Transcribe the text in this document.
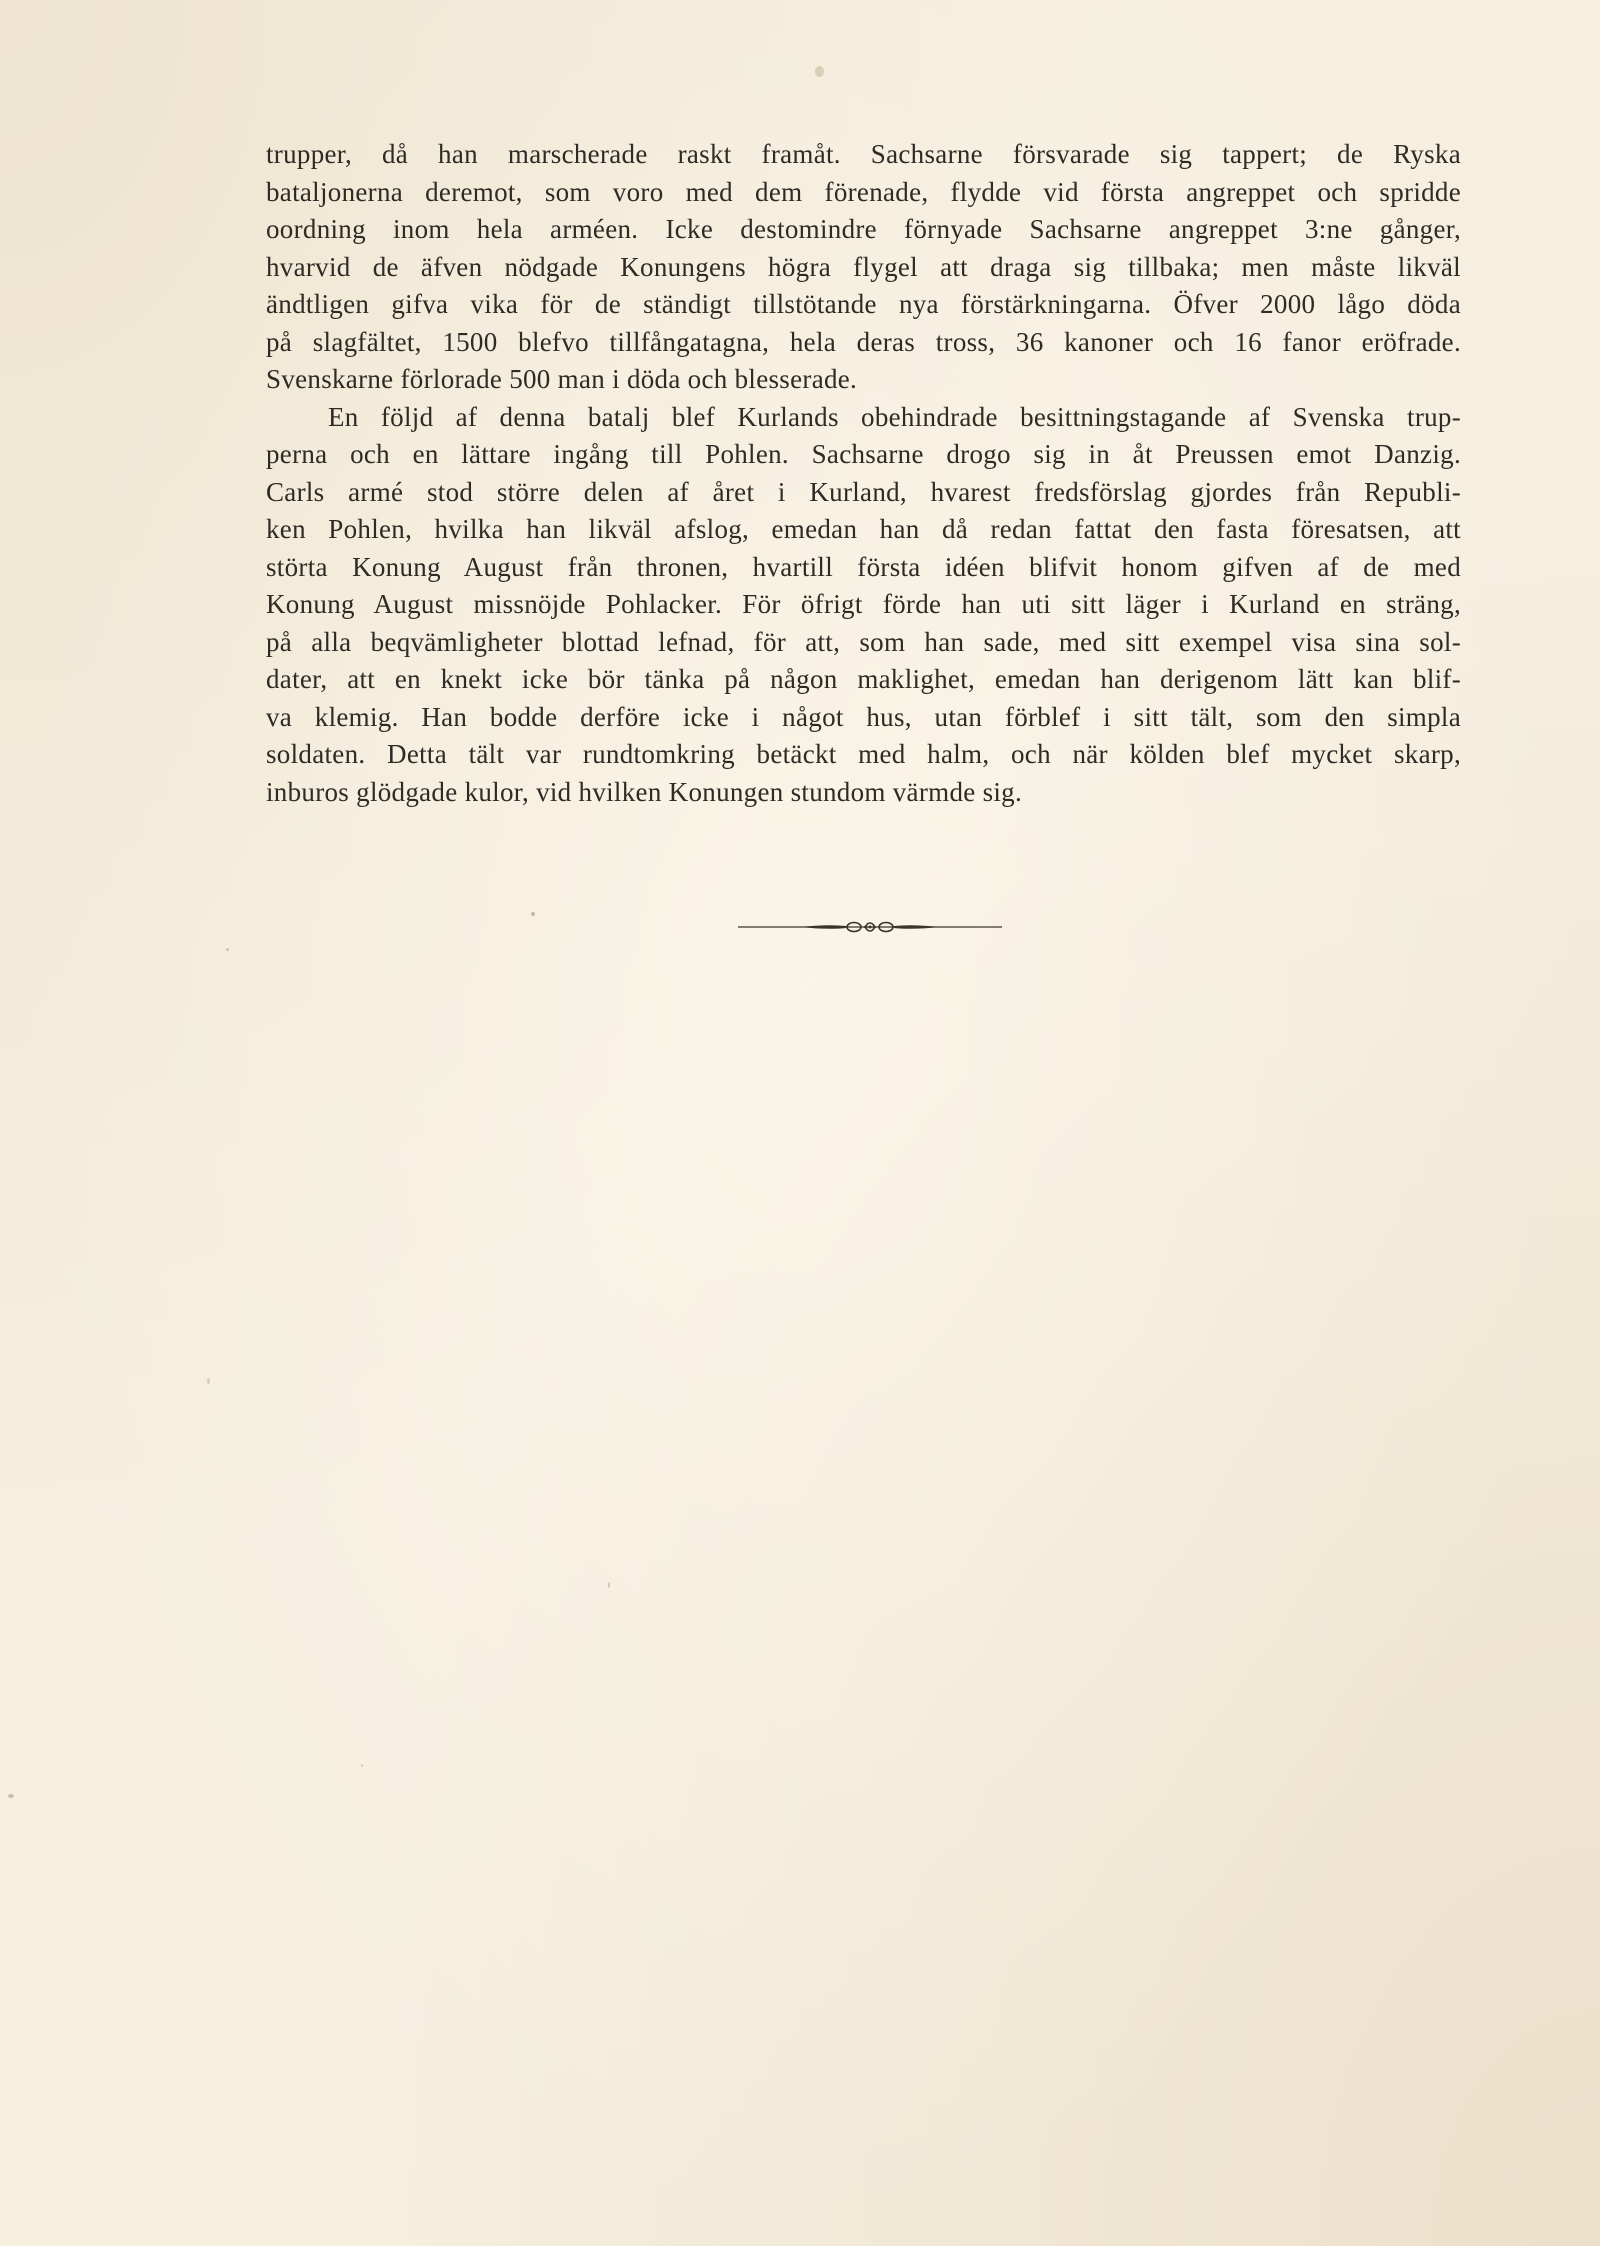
trupper, då han marscherade raskt framåt. Sachsarne försvarade sig tappert; de Ryska
bataljonerna deremot, som voro med dem förenade, flydde vid första angreppet och spridde
oordning inom hela arméen. Icke destomindre förnyade Sachsarne angreppet 3:ne gånger,
hvarvid de äfven nödgade Konungens högra flygel att draga sig tillbaka; men måste likväl
ändtligen gifva vika för de ständigt tillstötande nya förstärkningarna. Öfver 2000 lågo döda
på slagfältet, 1500 blefvo tillfångatagna, hela deras tross, 36 kanoner och 16 fanor eröfrade.
Svenskarne förlorade 500 man i döda och blesserade.

En följd af denna batalj blef Kurlands obehindrade besittningstagande af Svenska trup-
perna och en lättare ingång till Pohlen. Sachsarne drogo sig in åt Preussen emot Danzig.
Carls armé stod större delen af året i Kurland, hvarest fredsförslag gjordes från Republi-
ken Pohlen, hvilka han likväl afslog, emedan han då redan fattat den fasta föresatsen, att
störta Konung August från thronen, hvartill första idéen blifvit honom gifven af de med
Konung August missnöjde Pohlacker. För öfrigt förde han uti sitt läger i Kurland en sträng,
på alla beqvämligheter blottad lefnad, för att, som han sade, med sitt exempel visa sina sol-
dater, att en knekt icke bör tänka på någon maklighet, emedan han derigenom lätt kan blif-
va klemig. Han bodde derföre icke i något hus, utan förblef i sitt tält, som den simpla
soldaten. Detta tält var rundtomkring betäckt med halm, och när kölden blef mycket skarp,
inburos glödgade kulor, vid hvilken Konungen stundom värmde sig.
